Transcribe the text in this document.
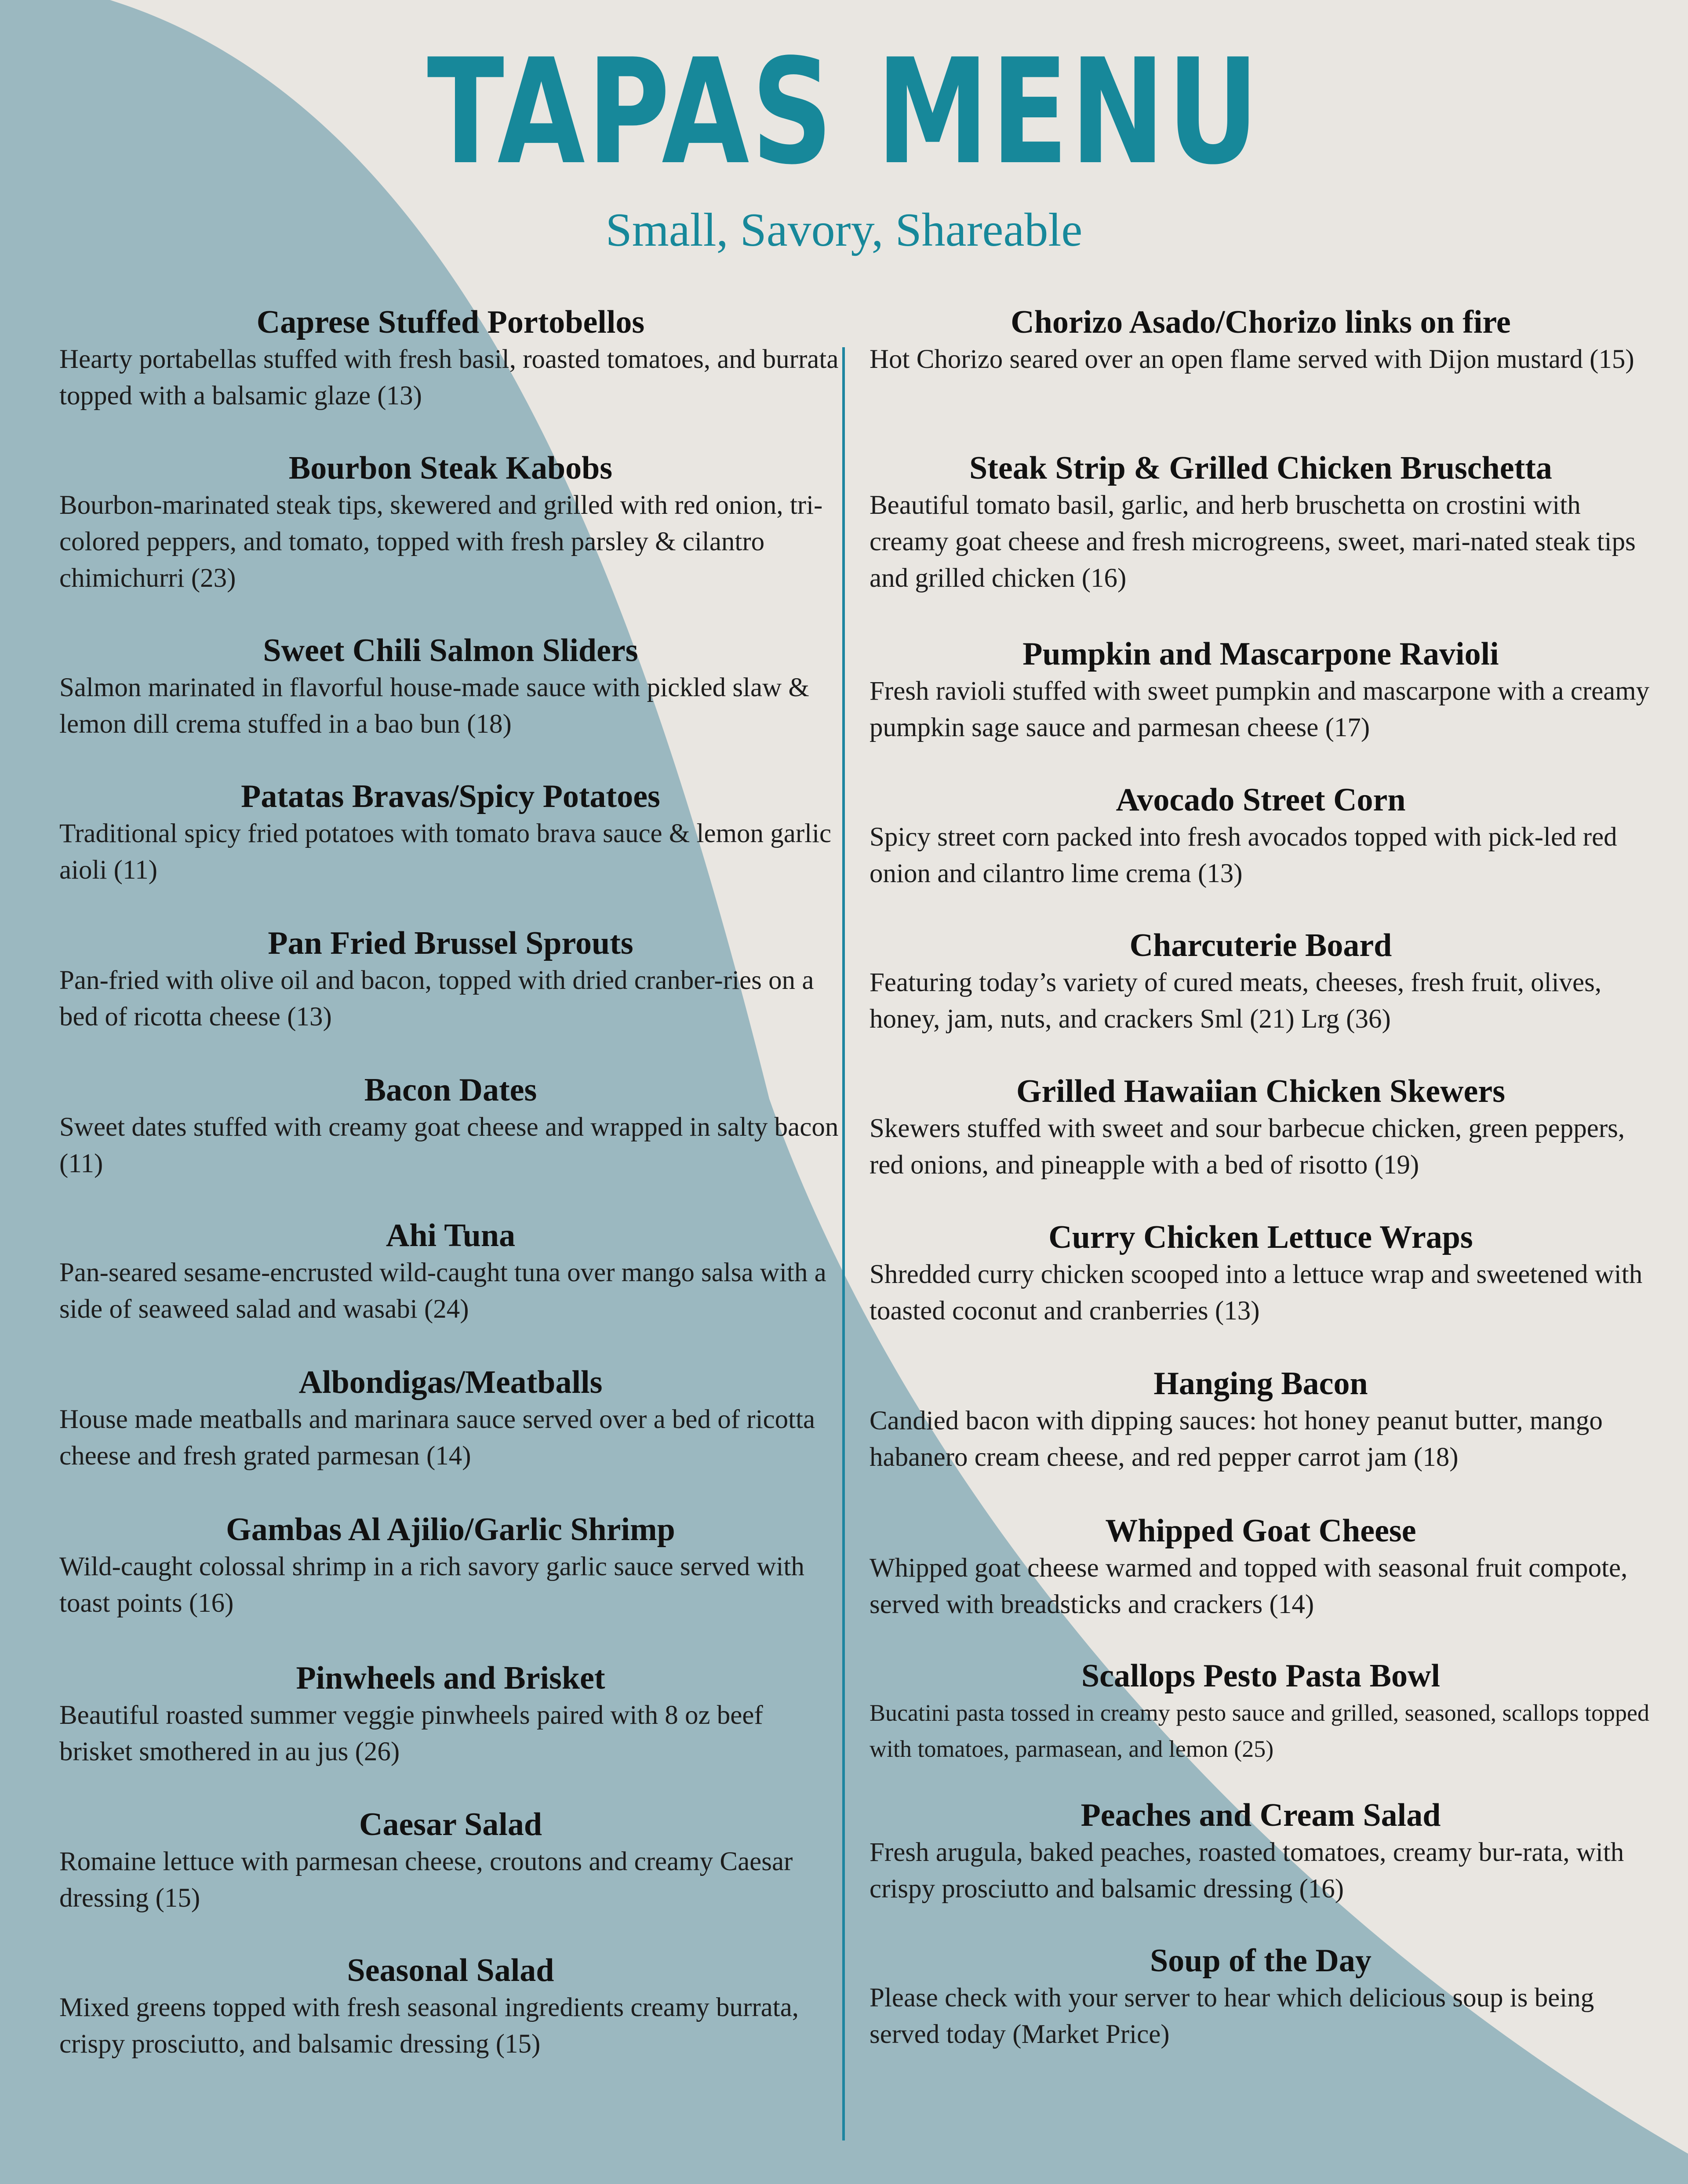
TAPAS MENU
Small, Savory, Shareable
Caprese Stuffed Portobellos
Hearty portabellas stuffed with fresh basil, roasted tomatoes, and burrata topped with a balsamic glaze (13)
Bourbon Steak Kabobs
Bourbon-marinated steak tips, skewered and grilled with red onion, tri-colored peppers, and tomato, topped with fresh parsley & cilantro chimichurri (23)
Sweet Chili Salmon Sliders
Salmon marinated in flavorful house-made sauce with pickled slaw & lemon dill crema stuffed in a bao bun (18)
Patatas Bravas/Spicy Potatoes
Traditional spicy fried potatoes with tomato brava sauce & lemon garlic aioli (11)
Pan Fried Brussel Sprouts
Pan-fried with olive oil and bacon, topped with dried cranber-ries on a bed of ricotta cheese (13)
Bacon Dates
Sweet dates stuffed with creamy goat cheese and wrapped in salty bacon (11)
Ahi Tuna
Pan-seared sesame-encrusted wild-caught tuna over mango salsa with a side of seaweed salad and wasabi (24)
Albondigas/Meatballs
House made meatballs and marinara sauce served over a bed of ricotta cheese and fresh grated parmesan (14)
Gambas Al Ajilio/Garlic Shrimp
Wild-caught colossal shrimp in a rich savory garlic sauce served with toast points (16)
Pinwheels and Brisket
Beautiful roasted summer veggie pinwheels paired with 8 oz beef brisket smothered in au jus (26)
Caesar Salad
Romaine lettuce with parmesan cheese, croutons and creamy Caesar dressing (15)
Seasonal Salad
Mixed greens topped with fresh seasonal ingredients creamy burrata, crispy prosciutto, and balsamic dressing (15)
Chorizo Asado/Chorizo links on fire
Hot Chorizo seared over an open flame served with Dijon mustard (15)
Steak Strip & Grilled Chicken Bruschetta
Beautiful tomato basil, garlic, and herb bruschetta on crostini with creamy goat cheese and fresh microgreens, sweet, mari-nated steak tips and grilled chicken (16)
Pumpkin and Mascarpone Ravioli
Fresh ravioli stuffed with sweet pumpkin and mascarpone with a creamy pumpkin sage sauce and parmesan cheese (17)
Avocado Street Corn
Spicy street corn packed into fresh avocados topped with pick-led red onion and cilantro lime crema (13)
Charcuterie Board
Featuring today’s variety of cured meats, cheeses, fresh fruit, olives, honey, jam, nuts, and crackers Sml (21) Lrg (36)
Grilled Hawaiian Chicken Skewers
Skewers stuffed with sweet and sour barbecue chicken, green peppers, red onions, and pineapple with a bed of risotto (19)
Curry Chicken Lettuce Wraps
Shredded curry chicken scooped into a lettuce wrap and sweetened with toasted coconut and cranberries (13)
Hanging Bacon
Candied bacon with dipping sauces: hot honey peanut butter, mango habanero cream cheese, and red pepper carrot jam (18)
Whipped Goat Cheese
Whipped goat cheese warmed and topped with seasonal fruit compote, served with breadsticks and crackers (14)
Scallops Pesto Pasta Bowl
Bucatini pasta tossed in creamy pesto sauce and grilled, seasoned, scallops topped with tomatoes, parmasean, and lemon (25)
Peaches and Cream Salad
Fresh arugula, baked peaches, roasted tomatoes, creamy bur-rata, with crispy prosciutto and balsamic dressing (16)
Soup of the Day
Please check with your server to hear which delicious soup is being served today (Market Price)
